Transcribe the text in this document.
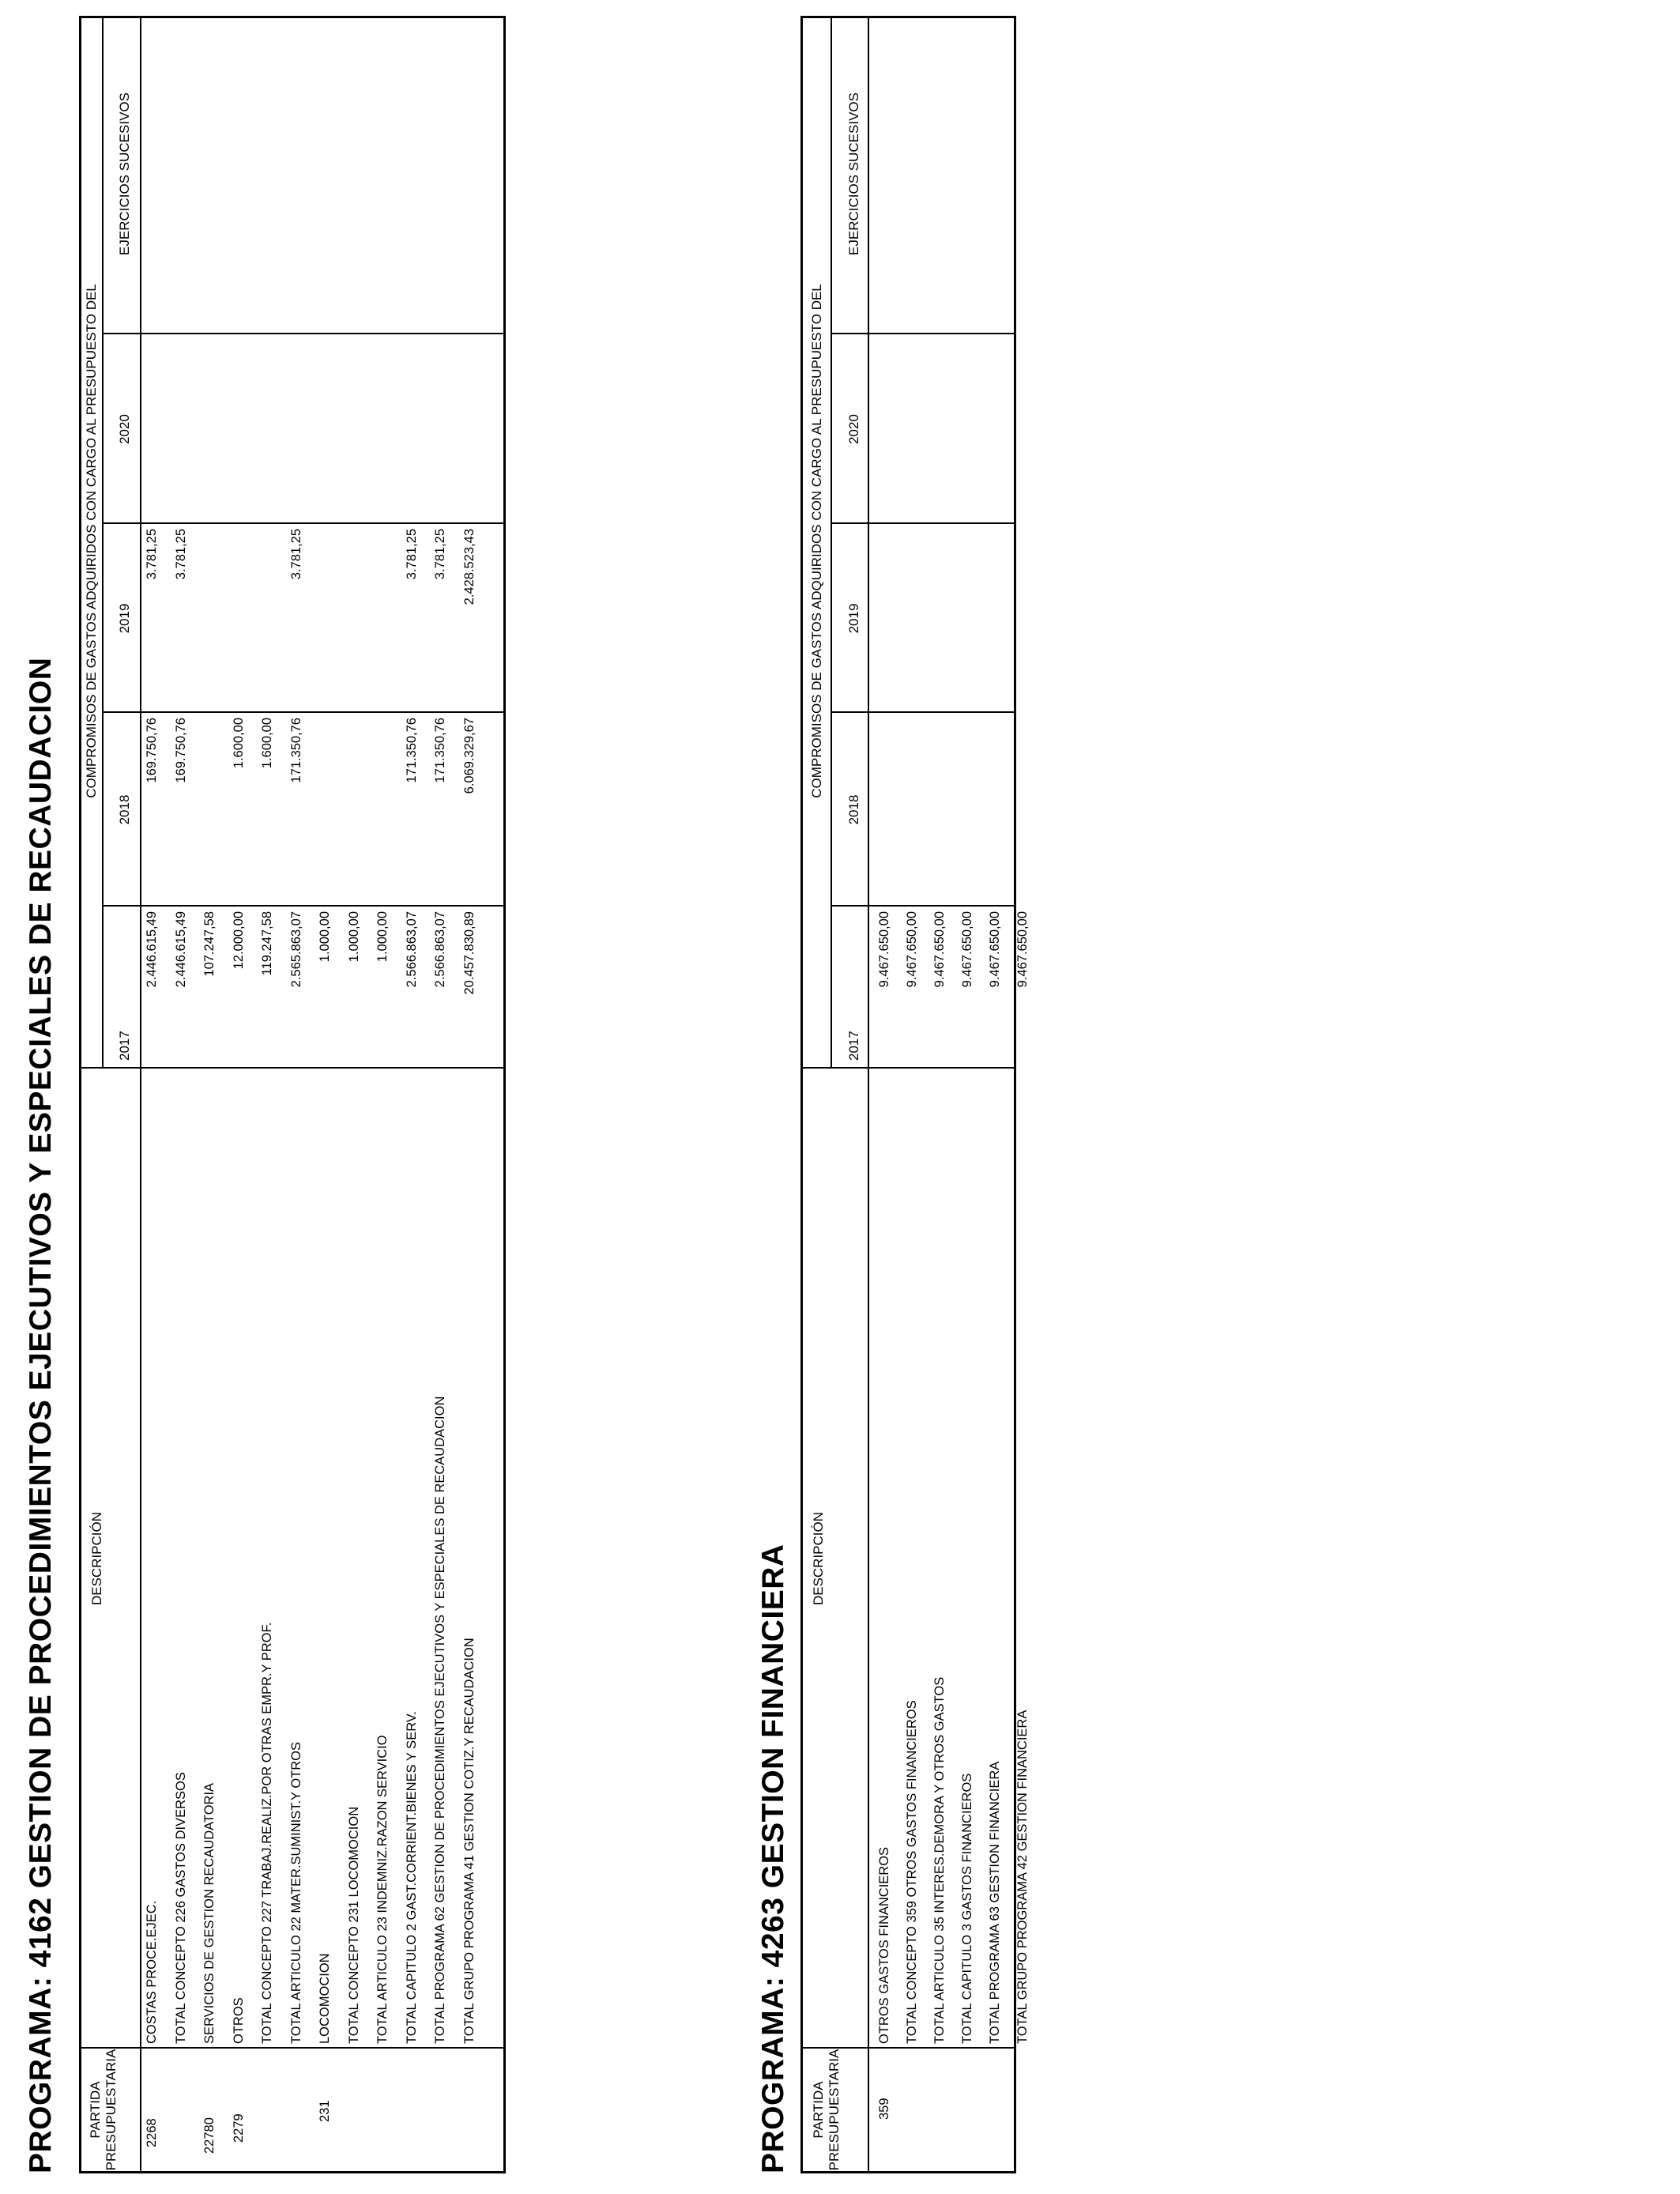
PROGRAMA: 4162 GESTION DE PROCEDIMIENTOS EJECUTIVOS Y ESPECIALES DE RECAUDACION PARTIDA PRESUPUESTARIA
DESCRIPCIÓN
COMPROMISOS DE GASTOS ADQUIRIDOS CON CARGO AL PRESUPUESTO DEL
2017
2018
2019
2020
EJERCICIOS SUCESIVOS
2268
COSTAS PROCE.EJEC.
2.446.615,49
169.750,76
3.781,25
TOTAL CONCEPTO 226 GASTOS DIVERSOS
2.446.615,49
169.750,76
3.781,25
22780
SERVICIOS DE GESTION RECAUDATORIA
107.247,58
2279
OTROS
12.000,00
1.600,00
TOTAL CONCEPTO 227 TRABAJ.REALIZ.POR OTRAS EMPR.Y PROF.
119.247,58
1.600,00
TOTAL ARTICULO 22 MATER.SUMINIST.Y OTROS
2.565.863,07
171.350,76
3.781,25
231
LOCOMOCION
1.000,00
TOTAL CONCEPTO 231 LOCOMOCION
1.000,00
TOTAL ARTICULO 23 INDEMNIZ.RAZON SERVICIO
1.000,00
TOTAL CAPITULO 2 GAST.CORRIENT.BIENES Y SERV.
2.566.863,07
171.350,76
3.781,25
TOTAL PROGRAMA 62 GESTION DE PROCEDIMIENTOS EJECUTIVOS Y ESPECIALES DE RECAUDACION
2.566.863,07
171.350,76
3.781,25
TOTAL GRUPO PROGRAMA 41 GESTION COTIZ.Y RECAUDACION
20.457.830,89
6.069.329,67
2.428.523,43
PROGRAMA: 4263 GESTION FINANCIERA PARTIDA PRESUPUESTARIA
DESCRIPCIÓN
COMPROMISOS DE GASTOS ADQUIRIDOS CON CARGO AL PRESUPUESTO DEL
2017
2018
2019
2020
EJERCICIOS SUCESIVOS
359
OTROS GASTOS FINANCIEROS
9.467.650,00
TOTAL CONCEPTO 359 OTROS GASTOS FINANCIEROS
9.467.650,00
TOTAL ARTICULO 35 INTERES.DEMORA Y OTROS GASTOS
9.467.650,00
TOTAL CAPITULO 3 GASTOS FINANCIEROS
9.467.650,00
TOTAL PROGRAMA 63 GESTION FINANCIERA
9.467.650,00
TOTAL GRUPO PROGRAMA 42 GESTION FINANCIERA
9.467.650,00
